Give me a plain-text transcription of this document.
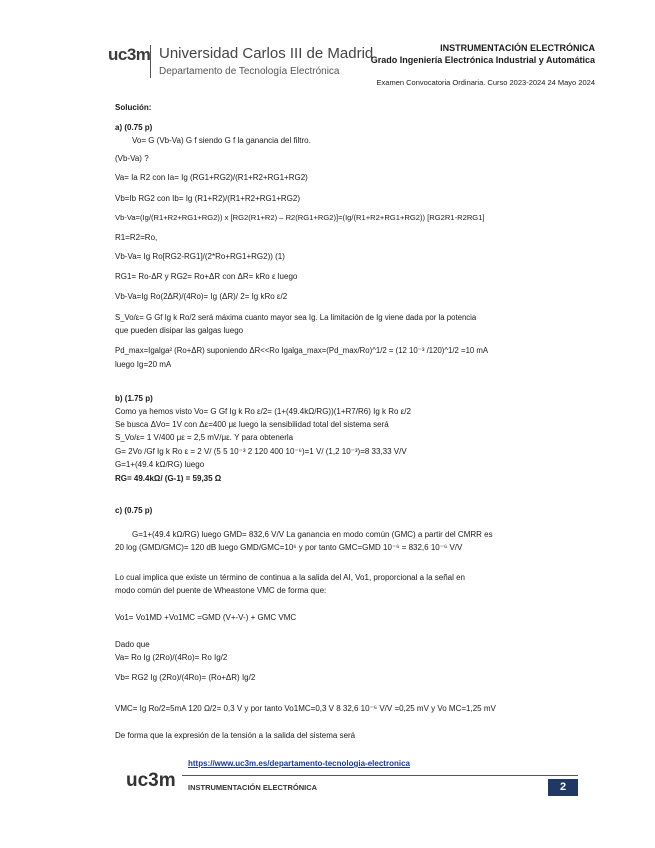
uc3m Universidad Carlos III de Madrid
Departamento de Tecnología Electrónica
INSTRUMENTACIÓN ELECTRÓNICA
Grado Ingeniería Electrónica Industrial y Automática
Examen Convocatoria Ordinaria. Curso 2023-2024 24 Mayo 2024
Solución:
a) (0.75 p)
Vo= G (Vb-Va) G f siendo G f la ganancia del filtro.
(Vb-Va) ?
Va= Ia R2 con Ia= Ig (RG1+RG2)/(R1+R2+RG1+RG2)
Vb=Ib RG2 con Ib= Ig (R1+R2)/(R1+R2+RG1+RG2)
Vb-Va=(Ig/(R1+R2+RG1+RG2)) x [RG2(R1+R2) – R2(RG1+RG2)]=(Ig/(R1+R2+RG1+RG2)) [RG2R1-R2RG1]
R1=R2=Ro,
Vb-Va= Ig Ro[RG2-RG1]/(2*Ro+RG1+RG2)) (1)
RG1= Ro-ΔR y RG2= Ro+ΔR con ΔR= kRo ε luego
Vb-Va=Ig Ro(2ΔR)/(4Ro)= Ig (ΔR)/ 2= Ig kRo ε/2
S_Vo/ε= G Gf Ig k Ro/2 será máxima cuanto mayor sea Ig. La limitación de Ig viene dada por la potencia
que pueden disipar las galgas luego
Pd_max=Igalga² (Ro+ΔR) suponiendo ΔR<<Ro Igalga_max=(Pd_max/Ro)^1/2 = (12 10⁻³ /120)^1/2 =10 mA
luego Ig=20 mA
b) (1.75 p)
Como ya hemos visto Vo= G Gf Ig k Ro ε/2= (1+(49.4kΩ/RG))(1+R7/R6) Ig k Ro ε/2
Se busca ΔVo= 1V con Δε=400 με luego la sensibilidad total del sistema será
S_Vo/ε= 1 V/400 με = 2,5 mV/με. Y para obtenerla
G= 2Vo /Gf Ig k Ro ε = 2 V/ (5 5 10⁻³ 2 120 400 10⁻⁶)=1 V/ (1,2 10⁻³)=8 33,33 V/V
G=1+(49.4 kΩ/RG) luego
RG= 49.4kΩ/ (G-1) = 59,35 Ω
c) (0.75 p)
G=1+(49.4 kΩ/RG) luego GMD= 832,6 V/V La ganancia en modo común (GMC) a partir del CMRR es
20 log (GMD/GMC)= 120 dB luego GMD/GMC=10⁶ y por tanto GMC=GMD 10⁻⁶ = 832,6 10⁻⁶ V/V
Lo cual implica que existe un término de continua a la salida del AI, Vo1, proporcional a la señal en
modo común del puente de Wheastone VMC de forma que:
Vo1= Vo1MD +Vo1MC =GMD (V+-V-) + GMC VMC
Dado que
Va= Ro Ig (2Ro)/(4Ro)= Ro Ig/2
Vb= RG2 Ig (2Ro)/(4Ro)= (Ro+ΔR) Ig/2
VMC= Ig Ro/2=5mA 120 Ω/2= 0,3 V y por tanto Vo1MC=0,3 V 8 32,6 10⁻⁶ V/V =0,25 mV y Vo MC=1,25 mV
De forma que la expresión de la tensión a la salida del sistema será
https://www.uc3m.es/departamento-tecnologia-electronica
uc3m INSTRUMENTACIÓN ELECTRÓNICA	2
